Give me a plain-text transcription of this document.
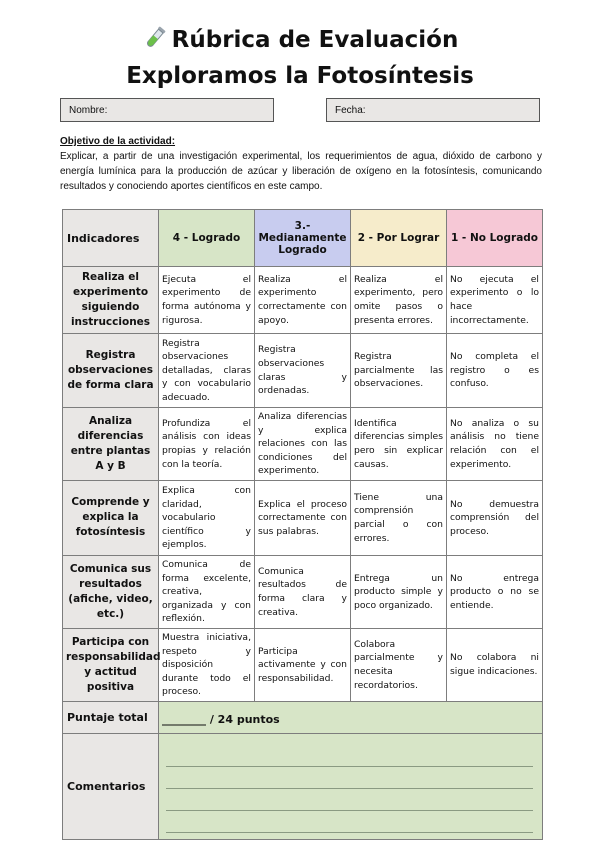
Rúbrica de Evaluación
Exploramos la Fotosíntesis
Nombre:	Fecha:
Objetivo de la actividad:
Explicar, a partir de una investigación experimental, los requerimientos de agua, dióxido de carbono y energía lumínica para la producción de azúcar y liberación de oxígeno en la fotosíntesis, comunicando resultados y conociendo aportes científicos en este campo.
Indicadores	4 - Logrado	3.- Medianamente Logrado	2 - Por Lograr	1 - No Logrado
Realiza el experimento siguiendo instrucciones	Ejecuta el experimento de forma autónoma y rigurosa.	Realiza el experimento correctamente con apoyo.	Realiza el experimento, pero omite pasos o presenta errores.	No ejecuta el experimento o lo hace incorrectamente.
Registra observaciones de forma clara	Registra observaciones detalladas, claras y con vocabulario adecuado.	Registra observaciones claras y ordenadas.	Registra parcialmente las observaciones.	No completa el registro o es confuso.
Analiza diferencias entre plantas A y B	Profundiza el análisis con ideas propias y relación con la teoría.	Analiza diferencias y explica relaciones con las condiciones del experimento.	Identifica diferencias simples pero sin explicar causas.	No analiza o su análisis no tiene relación con el experimento.
Comprende y explica la fotosíntesis	Explica con claridad, vocabulario científico y ejemplos.	Explica el proceso correctamente con sus palabras.	Tiene una comprensión parcial o con errores.	No demuestra comprensión del proceso.
Comunica sus resultados (afiche, video, etc.)	Comunica de forma excelente, creativa, organizada y con reflexión.	Comunica resultados de forma clara y creativa.	Entrega un producto simple y poco organizado.	No entrega producto o no se entiende.
Participa con responsabilidad y actitud positiva	Muestra iniciativa, respeto y disposición durante todo el proceso.	Participa activamente y con responsabilidad.	Colabora parcialmente y necesita recordatorios.	No colabora ni sigue indicaciones.
Puntaje total	________ / 24 puntos			
Comentarios				
